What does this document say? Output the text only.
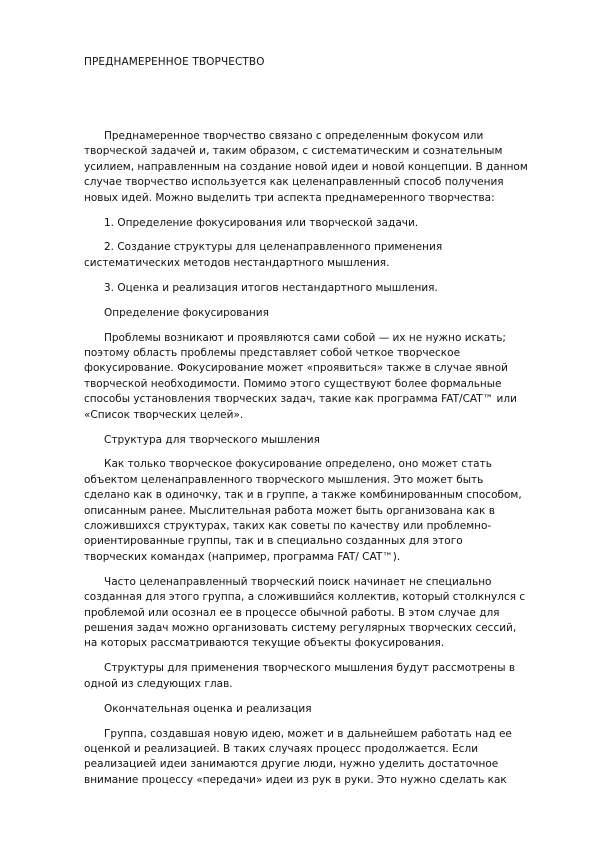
ПРЕДНАМЕРЕННОЕ ТВОРЧЕСТВО

Преднамеренное творчество связано с определенным фокусом или творческой задачей и, таким образом, с систематическим и сознательным усилием, направленным на создание новой идеи и новой концепции. В данном случае творчество используется как целенаправленный способ получения новых идей. Можно выделить три аспекта преднамеренного творчества:

1. Определение фокусирования или творческой задачи.

2. Создание структуры для целенаправленного применения систематических методов нестандартного мышления.

3. Оценка и реализация итогов нестандартного мышления.

Определение фокусирования

Проблемы возникают и проявляются сами собой — их не нужно искать; поэтому область проблемы представляет собой четкое творческое фокусирование. Фокусирование может «проявиться» также в случае явной творческой необходимости. Помимо этого существуют более формальные способы установления творческих задач, такие как программа FAT/CAT™ или «Список творческих целей».

Структура для творческого мышления

Как только творческое фокусирование определено, оно может стать объектом целенаправленного творческого мышления. Это может быть сделано как в одиночку, так и в группе, а также комбинированным способом, описанным ранее. Мыслительная работа может быть организована как в сложившихся структурах, таких как советы по качеству или проблемно-ориентированные группы, так и в специально созданных для этого творческих командах (например, программа FAT/ CAT™).

Часто целенаправленный творческий поиск начинает не специально созданная для этого группа, а сложившийся коллектив, который столкнулся с проблемой или осознал ее в процессе обычной работы. В этом случае для решения задач можно организовать систему регулярных творческих сессий, на которых рассматриваются текущие объекты фокусирования.

Структуры для применения творческого мышления будут рассмотрены в одной из следующих глав.

Окончательная оценка и реализация

Группа, создавшая новую идею, может и в дальнейшем работать над ее оценкой и реализацией. В таких случаях процесс продолжается. Если реализацией идеи занимаются другие люди, нужно уделить достаточное внимание процессу «передачи» идеи из рук в руки. Это нужно сделать как
